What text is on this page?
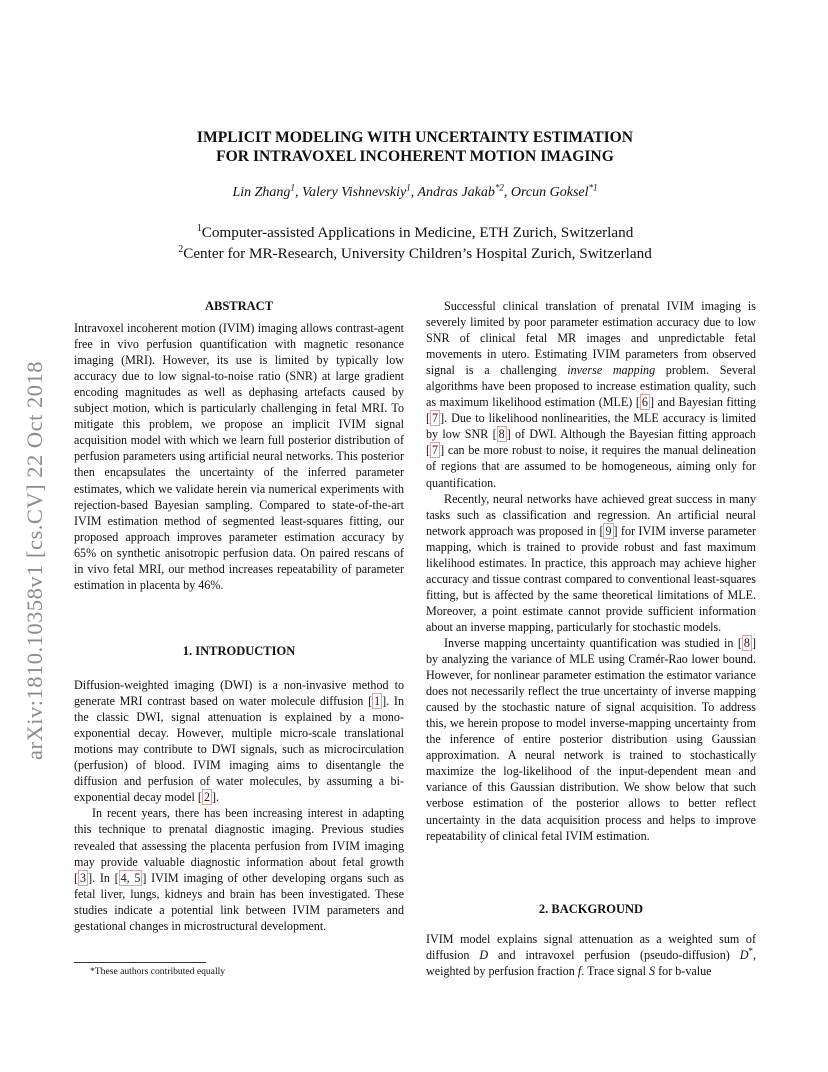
arXiv:1810.10358v1 [cs.CV] 22 Oct 2018
IMPLICIT MODELING WITH UNCERTAINTY ESTIMATION
FOR INTRAVOXEL INCOHERENT MOTION IMAGING
Lin Zhang$^1$, Valery Vishnevskiy$^1$, Andras Jakab$^{*2}$, Orcun Goksel$^{*1}$
$^1$Computer-assisted Applications in Medicine, ETH Zurich, Switzerland
$^2$Center for MR-Research, University Children’s Hospital Zurich, Switzerland

ABSTRACT

Intravoxel incoherent motion (IVIM) imaging allows contrast-agent free in vivo perfusion quantification with magnetic resonance imaging (MRI). However, its use is limited by typically low accuracy due to low signal-to-noise ratio (SNR) at large gradient encoding magnitudes as well as dephasing artefacts caused by subject motion, which is particularly challenging in fetal MRI. To mitigate this problem, we propose an implicit IVIM signal acquisition model with which we learn full posterior distribution of perfusion parameters using artificial neural networks. This posterior then encapsulates the uncertainty of the inferred parameter estimates, which we validate herein via numerical experiments with rejection-based Bayesian sampling. Compared to state-of-the-art IVIM estimation method of segmented least-squares fitting, our proposed approach improves parameter estimation accuracy by 65% on synthetic anisotropic perfusion data. On paired rescans of in vivo fetal MRI, our method increases repeatability of parameter estimation in placenta by 46%.

1. INTRODUCTION

Diffusion-weighted imaging (DWI) is a non-invasive method to generate MRI contrast based on water molecule diffusion [ 1 ]. In the classic DWI, signal attenuation is explained by a mono-exponential decay. However, multiple micro-scale translational motions may contribute to DWI signals, such as microcirculation (perfusion) of blood. IVIM imaging aims to disentangle the diffusion and perfusion of water molecules, by assuming a bi-exponential decay model [ 2 ].

In recent years, there has been increasing interest in adapting this technique to prenatal diagnostic imaging. Previous studies revealed that assessing the placenta perfusion from IVIM imaging may provide valuable diagnostic information about fetal growth [ 3 ]. In [ 4, 5 ] IVIM imaging of other developing organs such as fetal liver, lungs, kidneys and brain has been investigated. These studies indicate a potential link between IVIM parameters and gestational changes in microstructural development.

Successful clinical translation of prenatal IVIM imaging is severely limited by poor parameter estimation accuracy due to low SNR of clinical fetal MR images and unpredictable fetal movements in utero. Estimating IVIM parameters from observed signal is a challenging inverse mapping problem. Several algorithms have been proposed to increase estimation quality, such as maximum likelihood estimation (MLE) [ 6 ] and Bayesian fitting [ 7 ]. Due to likelihood nonlinearities, the MLE accuracy is limited by low SNR [ 8 ] of DWI. Although the Bayesian fitting approach [ 7 ] can be more robust to noise, it requires the manual delineation of regions that are assumed to be homogeneous, aiming only for quantification.

Recently, neural networks have achieved great success in many tasks such as classification and regression. An artificial neural network approach was proposed in [ 9 ] for IVIM inverse parameter mapping, which is trained to provide robust and fast maximum likelihood estimates. In practice, this approach may achieve higher accuracy and tissue contrast compared to conventional least-squares fitting, but is affected by the same theoretical limitations of MLE. Moreover, a point estimate cannot provide sufficient information about an inverse mapping, particularly for stochastic models.

Inverse mapping uncertainty quantification was studied in [ 8 ] by analyzing the variance of MLE using Cramér-Rao lower bound. However, for nonlinear parameter estimation the estimator variance does not necessarily reflect the true uncertainty of inverse mapping caused by the stochastic nature of signal acquisition. To address this, we herein propose to model inverse-mapping uncertainty from the inference of entire posterior distribution using Gaussian approximation. A neural network is trained to stochastically maximize the log-likelihood of the input-dependent mean and variance of this Gaussian distribution. We show below that such verbose estimation of the posterior allows to better reflect uncertainty in the data acquisition process and helps to improve repeatability of clinical fetal IVIM estimation.

2. BACKGROUND

IVIM model explains signal attenuation as a weighted sum of diffusion D and intravoxel perfusion (pseudo-diffusion) D*, weighted by perfusion fraction f. Trace signal S for b-value

*These authors contributed equally
